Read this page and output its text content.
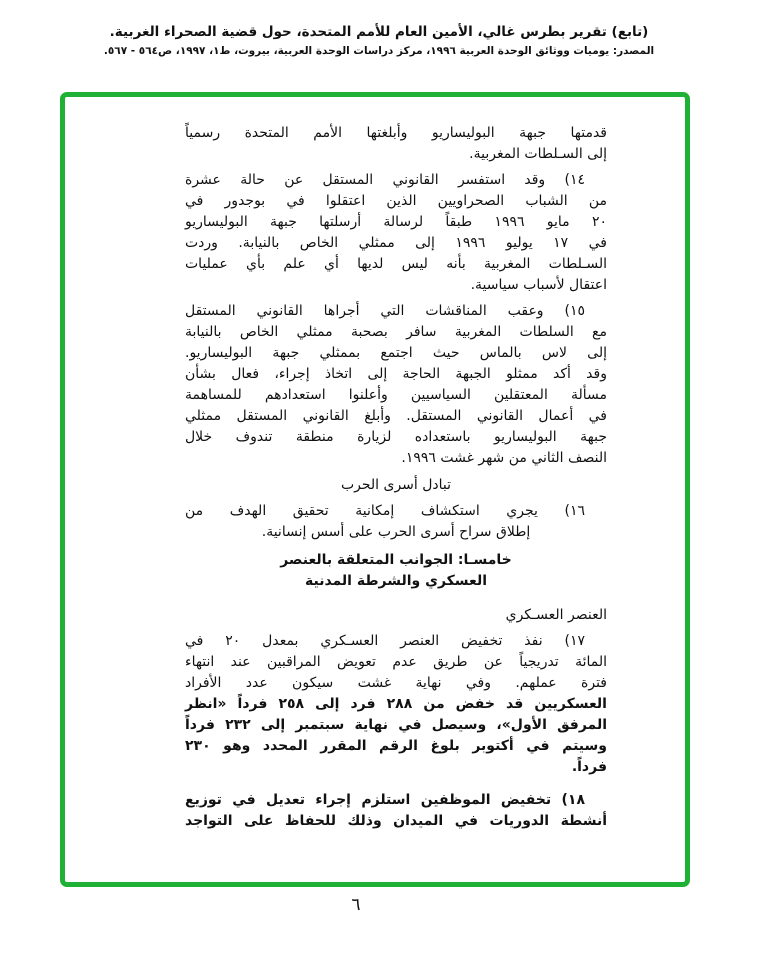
(تابع) تقرير بطرس غالي، الأمين العام للأمم المتحدة، حول قضية الصحراء الغربية.
المصدر: يوميات ووثائق الوحدة العربية ١٩٩٦، مركز دراسات الوحدة العربية، بيروت، ط١، ١٩٩٧، ص٥٦٤ - ٥٦٧.
قدمتها جبهة البوليساريو وأبلغتها الأمم المتحدة رسمياً
إلى السـلطات المغربية.
١٤) وقد استفسر القانوني المستقل عن حالة عشرة
من الشباب الصحراويين الذين اعتقلوا في بوجدور في
٢٠ مايو ١٩٩٦ طبقاً لرسالة أرسلتها جبهة البوليساريو
في ١٧ يوليو ١٩٩٦ إلى ممثلي الخاص بالنيابة. وردت
السـلطات المغربية بأنه ليس لديها أي علم بأي عمليات
اعتقال لأسباب سياسية.
١٥) وعقب المناقشات التي أجراها القانوني المستقل
مع السلطات المغربية سافر بصحبة ممثلي الخاص بالنيابة
إلى لاس بالماس حيث اجتمع بممثلي جبهة البوليساريو.
وقد أكد ممثلو الجبهة الحاجة إلى اتخاذ إجراء، فعال بشأن
مسألة المعتقلين السياسيين وأعلنوا استعدادهم للمساهمة
في أعمال القانوني المستقل. وأبلغ القانوني المستقل ممثلي
جبهة البوليساريو باستعداده لزيارة منطقة تندوف خلال
النصف الثاني من شهر غشت ١٩٩٦.
تبادل أسرى الحرب
١٦) يجري استكشاف إمكانية تحقيق الهدف من
إطلاق سراح أسرى الحرب على أسس إنسانية.
خامسـا: الجوانب المتعلقة بالعنصر
العسكري والشرطة المدنية
العنصر العسـكري
١٧) نفذ تخفيض العنصر العسـكري بمعدل ٢٠ في
المائة تدريجياً عن طريق عدم تعويض المراقبين عند انتهاء
فترة عملهم. وفي نهاية غشت سيكون عدد الأفراد
العسكريين قد خفض من ٢٨٨ فرد إلى ٢٥٨ فرداً «انظر
المرفق الأول»، وسيصل في نهاية سبتمبر إلى ٢٣٢ فرداً
وسيتم في أكتوبر بلوغ الرقم المقرر المحدد وهو ٢٣٠
فرداً.
١٨) تخفيض الموظفين استلزم إجراء تعديل في توزيع
أنشطة الدوريات في الميدان وذلك للحفاظ على التواجد
٦
